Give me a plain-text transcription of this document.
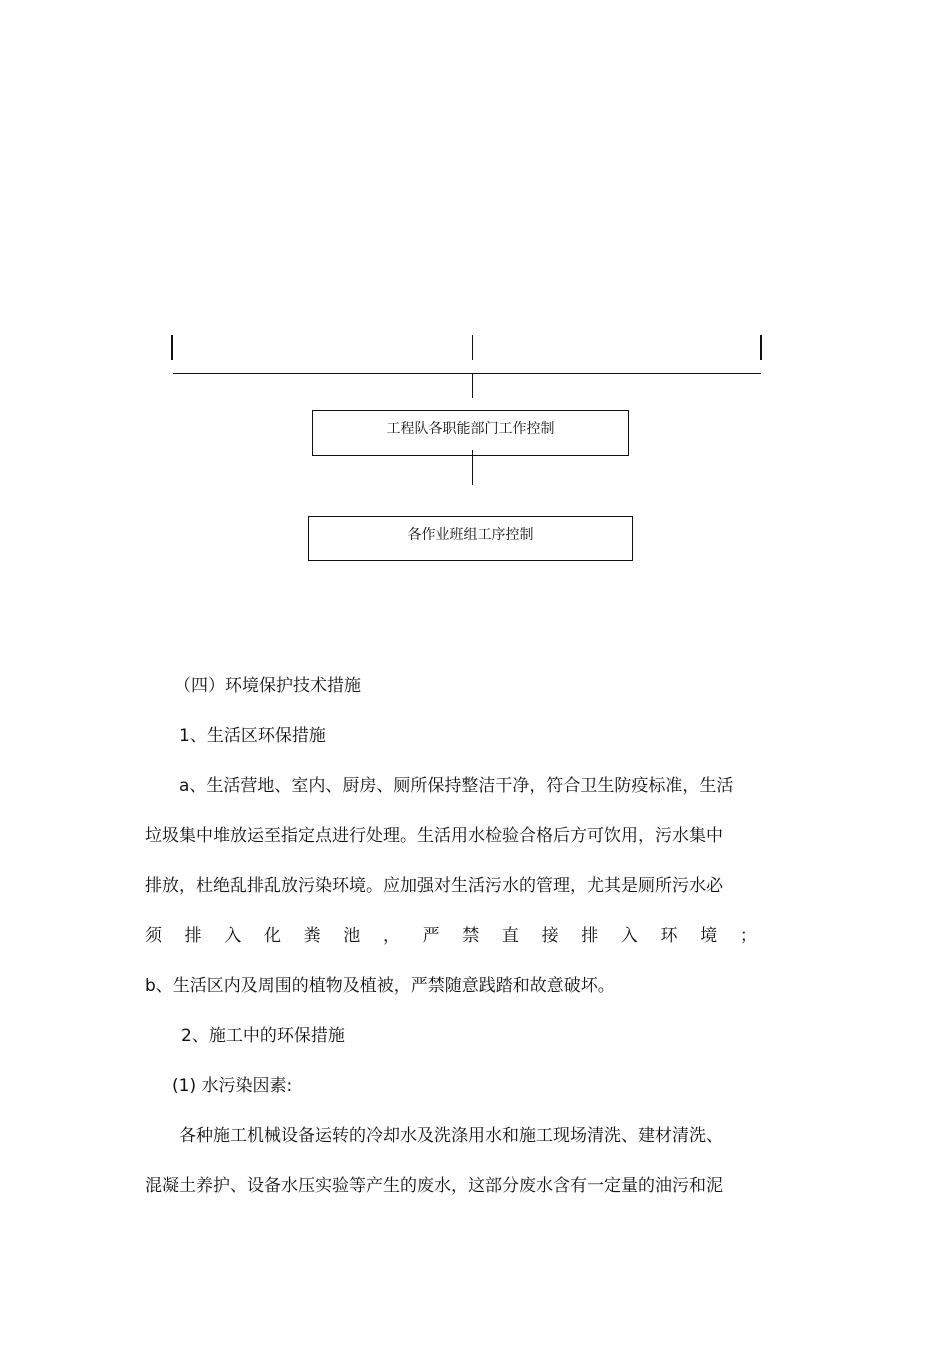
工程队各职能部门工作控制
各作业班组工序控制
（四）环境保护技术措施
1、生活区环保措施
a、生活营地、室内、厨房、厕所保持整洁干净，符合卫生防疫标准，生活
垃圾集中堆放运至指定点进行处理。生活用水检验合格后方可饮用，污水集中
排放，杜绝乱排乱放污染环境。应加强对生活污水的管理，尤其是厕所污水必
须 排 入 化 粪 池 ， 严 禁 直 接 排 入 环 境 ；
b、生活区内及周围的植物及植被，严禁随意践踏和故意破坏。
2、施工中的环保措施
(1) 水污染因素:
各种施工机械设备运转的冷却水及洗涤用水和施工现场清洗、建材清洗、
混凝土养护、设备水压实验等产生的废水，这部分废水含有一定量的油污和泥
